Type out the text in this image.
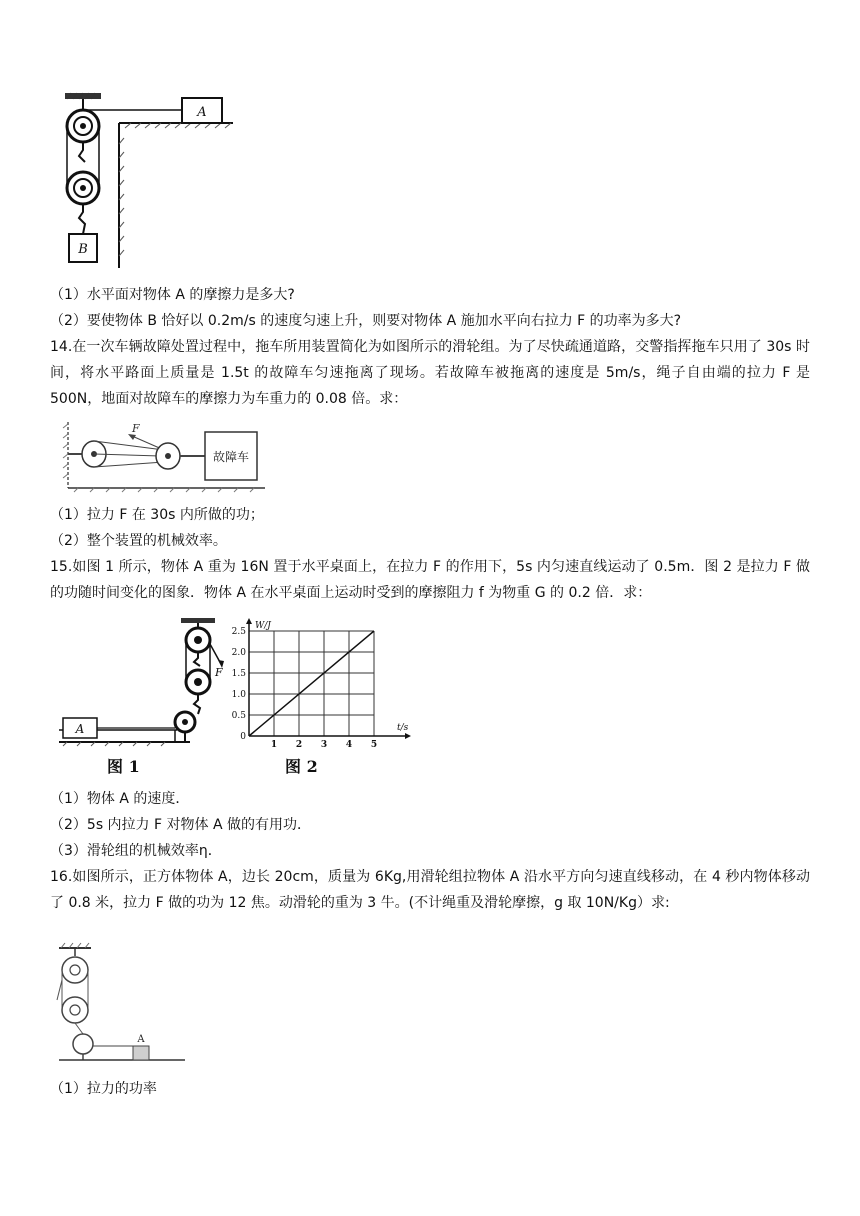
A
B
（1）水平面对物体 A 的摩擦力是多大?
（2）要使物体 B 恰好以 0.2m/s 的速度匀速上升，则要对物体 A 施加水平向右拉力 F 的功率为多大?
14.在一次车辆故障处置过程中，拖车所用装置简化为如图所示的滑轮组。为了尽快疏通道路，交警指挥拖车只用了 30s 时间，将水平路面上质量是 1.5t 的故障车匀速拖离了现场。若故障车被拖离的速度是 5m/s，绳子自由端的拉力 F 是 500N，地面对故障车的摩擦力为车重力的 0.08 倍。求：
F
故障车
（1）拉力 F 在 30s 内所做的功；
（2）整个装置的机械效率。
15.如图 1 所示，物体 A 重为 16N 置于水平桌面上，在拉力 F 的作用下，5s 内匀速直线运动了 0.5m．图 2 是拉力 F 做的功随时间变化的图象．物体 A 在水平桌面上运动时受到的摩擦阻力 f 为物重 G 的 0.2 倍．求：
F
A
图 1
0
0.5
1.0
1.5
2.0
2.5
1 2 3 4 5
W/J
t/s
图 2
（1）物体 A 的速度．
（2）5s 内拉力 F 对物体 A 做的有用功．
（3）滑轮组的机械效率η．
16.如图所示，正方体物体 A，边长 20cm，质量为 6Kg,用滑轮组拉物体 A 沿水平方向匀速直线移动，在 4 秒内物体移动了 0.8 米，拉力 F 做的功为 12 焦。动滑轮的重为 3 牛。(不计绳重及滑轮摩擦，g 取 10N/Kg）求:
A
（1）拉力的功率
